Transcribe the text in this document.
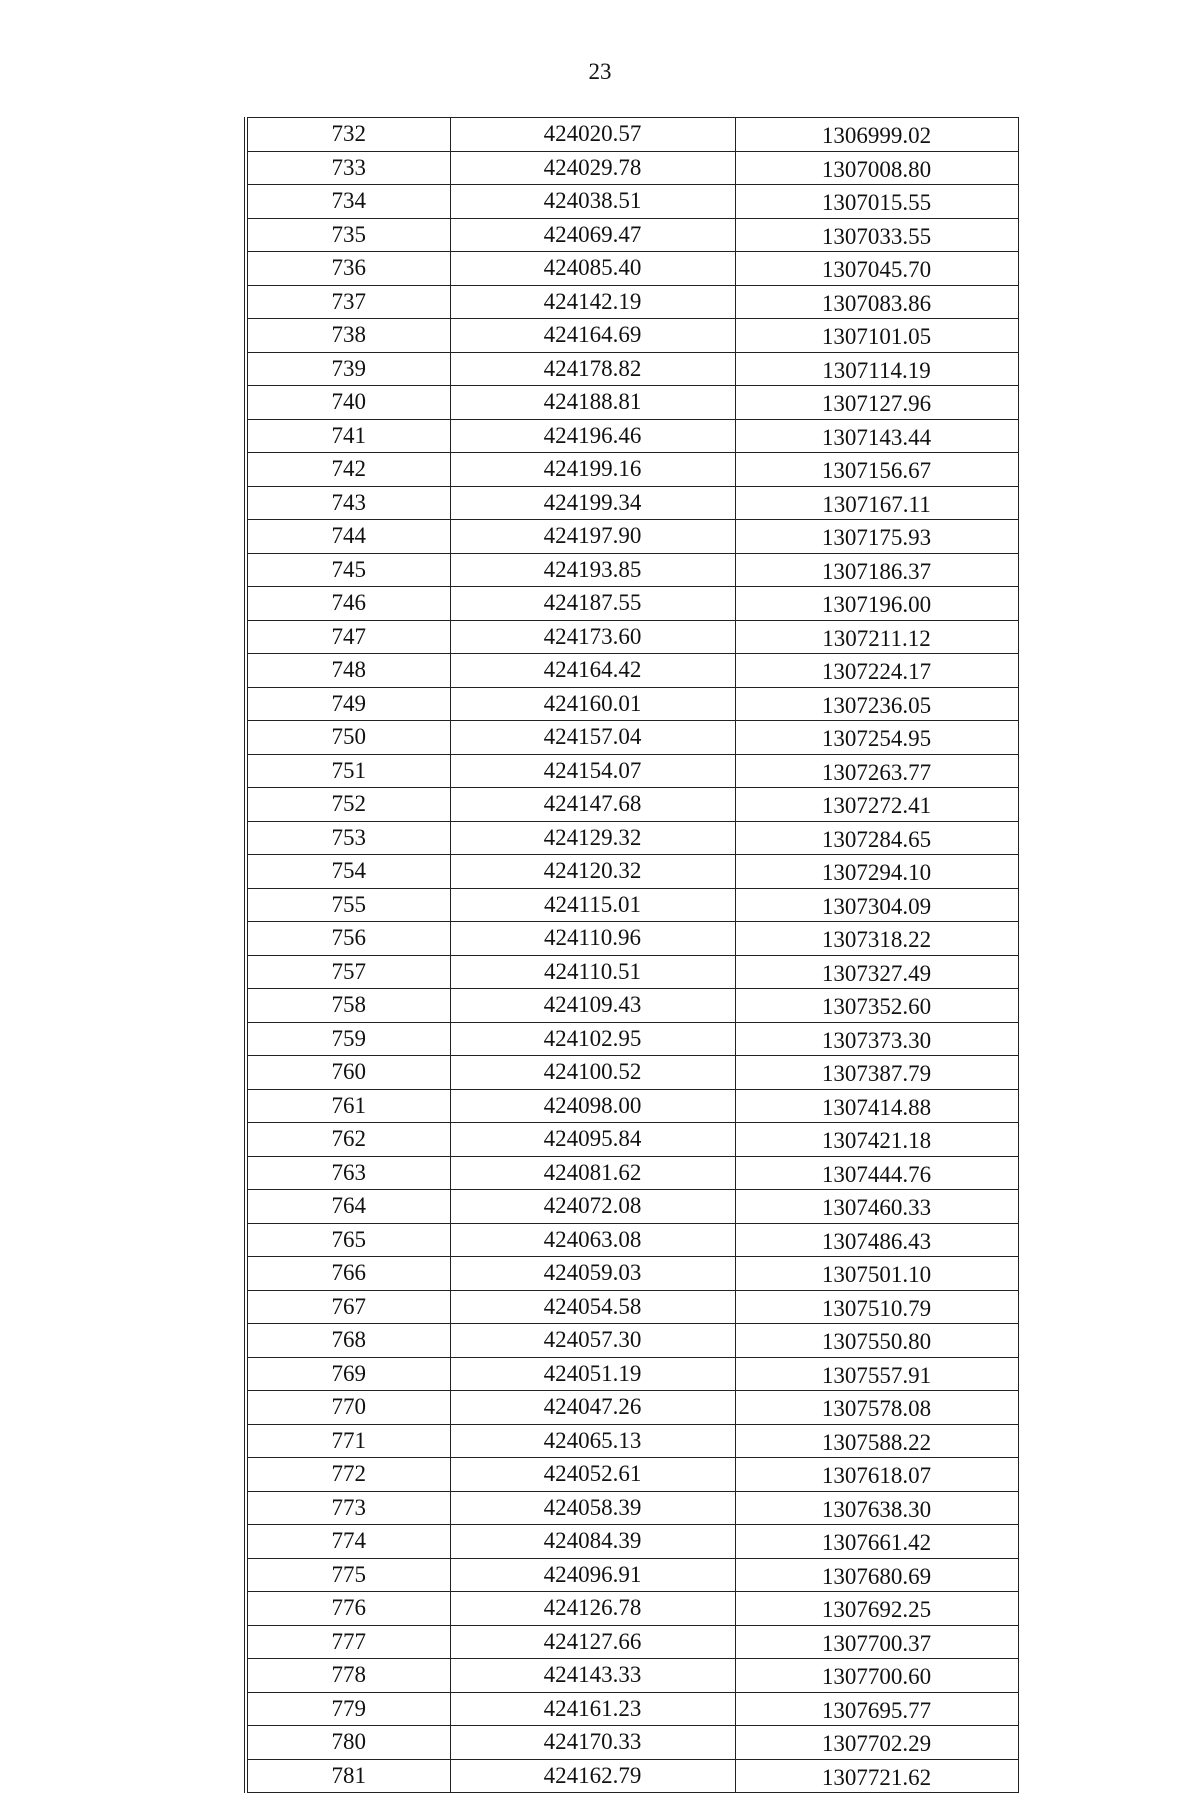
23
732	424020.57	1306999.02
733	424029.78	1307008.80
734	424038.51	1307015.55
735	424069.47	1307033.55
736	424085.40	1307045.70
737	424142.19	1307083.86
738	424164.69	1307101.05
739	424178.82	1307114.19
740	424188.81	1307127.96
741	424196.46	1307143.44
742	424199.16	1307156.67
743	424199.34	1307167.11
744	424197.90	1307175.93
745	424193.85	1307186.37
746	424187.55	1307196.00
747	424173.60	1307211.12
748	424164.42	1307224.17
749	424160.01	1307236.05
750	424157.04	1307254.95
751	424154.07	1307263.77
752	424147.68	1307272.41
753	424129.32	1307284.65
754	424120.32	1307294.10
755	424115.01	1307304.09
756	424110.96	1307318.22
757	424110.51	1307327.49
758	424109.43	1307352.60
759	424102.95	1307373.30
760	424100.52	1307387.79
761	424098.00	1307414.88
762	424095.84	1307421.18
763	424081.62	1307444.76
764	424072.08	1307460.33
765	424063.08	1307486.43
766	424059.03	1307501.10
767	424054.58	1307510.79
768	424057.30	1307550.80
769	424051.19	1307557.91
770	424047.26	1307578.08
771	424065.13	1307588.22
772	424052.61	1307618.07
773	424058.39	1307638.30
774	424084.39	1307661.42
775	424096.91	1307680.69
776	424126.78	1307692.25
777	424127.66	1307700.37
778	424143.33	1307700.60
779	424161.23	1307695.77
780	424170.33	1307702.29
781	424162.79	1307721.62
